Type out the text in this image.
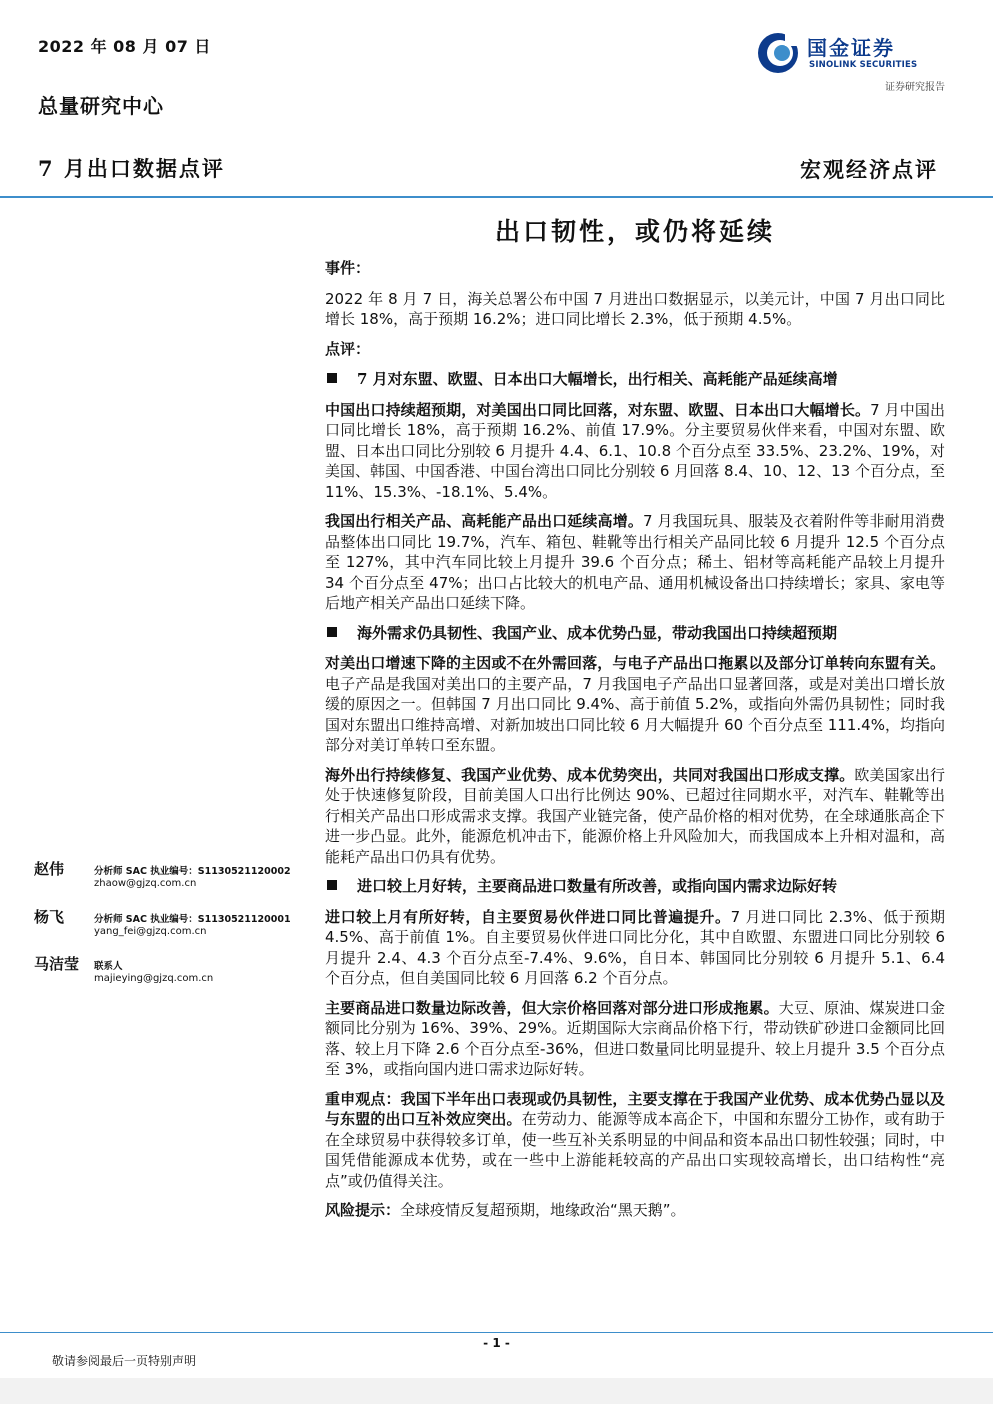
2022 年 08 月 07 日
总量研究中心
7 月出口数据点评	宏观经济点评
国金证券
SINOLINK SECURITIES
证券研究报告
出口韧性，或仍将延续
事件：

2022 年 8 月 7 日，海关总署公布中国 7 月进出口数据显示，以美元计，中国 7 月出口同比增长 18%，高于预期 16.2%；进口同比增长 2.3%，低于预期 4.5%。

点评：
7 月对东盟、欧盟、日本出口大幅增长，出行相关、高耗能产品延续高增

中国出口持续超预期，对美国出口同比回落，对东盟、欧盟、日本出口大幅增长。7 月中国出口同比增长 18%，高于预期 16.2%、前值 17.9%。分主要贸易伙伴来看，中国对东盟、欧盟、日本出口同比分别较 6 月提升 4.4、6.1、10.8 个百分点至 33.5%、23.2%、19%，对美国、韩国、中国香港、中国台湾出口同比分别较 6 月回落 8.4、10、12、13 个百分点，至 11%、15.3%、-18.1%、5.4%。

我国出行相关产品、高耗能产品出口延续高增。7 月我国玩具、服装及衣着附件等非耐用消费品整体出口同比 19.7%，汽车、箱包、鞋靴等出行相关产品同比较 6 月提升 12.5 个百分点至 127%，其中汽车同比较上月提升 39.6 个百分点；稀土、铝材等高耗能产品较上月提升 34 个百分点至 47%；出口占比较大的机电产品、通用机械设备出口持续增长；家具、家电等后地产相关产品出口延续下降。

海外需求仍具韧性、我国产业、成本优势凸显，带动我国出口持续超预期

对美出口增速下降的主因或不在外需回落，与电子产品出口拖累以及部分订单转向东盟有关。电子产品是我国对美出口的主要产品，7 月我国电子产品出口显著回落，或是对美出口增长放缓的原因之一。但韩国 7 月出口同比 9.4%、高于前值 5.2%，或指向外需仍具韧性；同时我国对东盟出口维持高增、对新加坡出口同比较 6 月大幅提升 60 个百分点至 111.4%，均指向部分对美订单转口至东盟。

海外出行持续修复、我国产业优势、成本优势突出，共同对我国出口形成支撑。欧美国家出行处于快速修复阶段，目前美国人口出行比例达 90%、已超过往同期水平，对汽车、鞋靴等出行相关产品出口形成需求支撑。我国产业链完备，使产品价格的相对优势，在全球通胀高企下进一步凸显。此外，能源危机冲击下，能源价格上升风险加大，而我国成本上升相对温和，高能耗产品出口仍具有优势。

进口较上月好转，主要商品进口数量有所改善，或指向国内需求边际好转

进口较上月有所好转，自主要贸易伙伴进口同比普遍提升。7 月进口同比 2.3%、低于预期 4.5%、高于前值 1%。自主要贸易伙伴进口同比分化，其中自欧盟、东盟进口同比分别较 6 月提升 2.4、4.3 个百分点至-7.4%、9.6%，自日本、韩国同比分别较 6 月提升 5.1、6.4 个百分点，但自美国同比较 6 月回落 6.2 个百分点。

主要商品进口数量边际改善，但大宗价格回落对部分进口形成拖累。大豆、原油、煤炭进口金额同比分别为 16%、39%、29%。近期国际大宗商品价格下行，带动铁矿砂进口金额同比回落、较上月下降 2.6 个百分点至-36%，但进口数量同比明显提升、较上月提升 3.5 个百分点至 3%，或指向国内进口需求边际好转。

重申观点：我国下半年出口表现或仍具韧性，主要支撑在于我国产业优势、成本优势凸显以及与东盟的出口互补效应突出。在劳动力、能源等成本高企下，中国和东盟分工协作，或有助于在全球贸易中获得较多订单，使一些互补关系明显的中间品和资本品出口韧性较强；同时，中国凭借能源成本优势，或在一些中上游能耗较高的产品出口实现较高增长，出口结构性“亮点”或仍值得关注。

风险提示：全球疫情反复超预期，地缘政治“黑天鹅”。

赵伟	分析师 SAC 执业编号：S1130521120002
zhaow@gjzq.com.cn
杨飞	分析师 SAC 执业编号：S1130521120001
yang_fei@gjzq.com.cn
马洁莹 联系人
majieying@gjzq.com.cn
- 1 -
敬请参阅最后一页特别声明
